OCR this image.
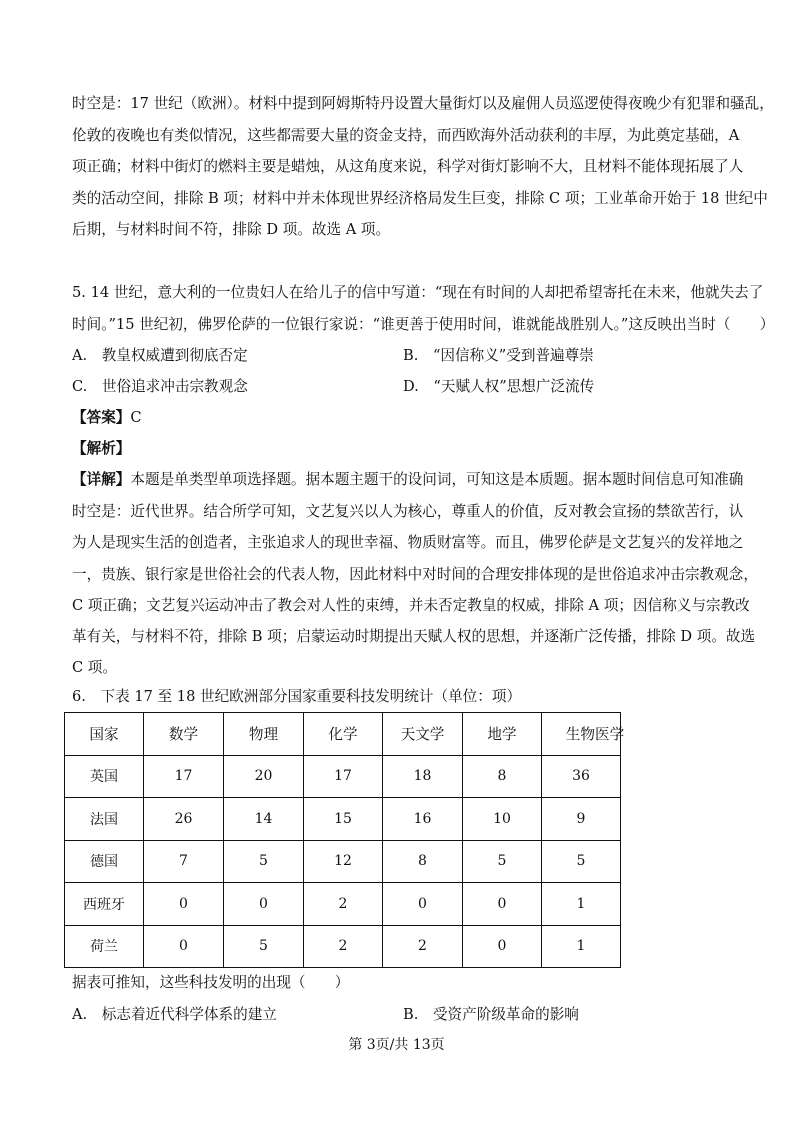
时空是：17 世纪（欧洲）。材料中提到阿姆斯特丹设置大量街灯以及雇佣人员巡逻使得夜晚少有犯罪和骚乱，
伦敦的夜晚也有类似情况，这些都需要大量的资金支持，而西欧海外活动获利的丰厚，为此奠定基础，A
项正确；材料中街灯的燃料主要是蜡烛，从这角度来说，科学对街灯影响不大，且材料不能体现拓展了人
类的活动空间，排除 B 项；材料中并未体现世界经济格局发生巨变，排除 C 项；工业革命开始于 18 世纪中
后期，与材料时间不符，排除 D 项。故选 A 项。
5. 14 世纪，意大利的一位贵妇人在给儿子的信中写道：“现在有时间的人却把希望寄托在未来，他就失去了
时间。”15 世纪初，佛罗伦萨的一位银行家说：“谁更善于使用时间，谁就能战胜别人。”这反映出当时（　　）
A.　教皇权威遭到彻底否定	B.　“因信称义”受到普遍尊崇
C.　世俗追求冲击宗教观念	D.　“天赋人权”思想广泛流传
【答案】C
【解析】
【详解】本题是单类型单项选择题。据本题主题干的设问词，可知这是本质题。据本题时间信息可知准确
时空是：近代世界。结合所学可知，文艺复兴以人为核心，尊重人的价值，反对教会宣扬的禁欲苦行，认
为人是现实生活的创造者，主张追求人的现世幸福、物质财富等。而且，佛罗伦萨是文艺复兴的发祥地之
一，贵族、银行家是世俗社会的代表人物，因此材料中对时间的合理安排体现的是世俗追求冲击宗教观念，
C 项正确；文艺复兴运动冲击了教会对人性的束缚，并未否定教皇的权威，排除 A 项；因信称义与宗教改
革有关，与材料不符，排除 B 项；启蒙运动时期提出天赋人权的思想，并逐渐广泛传播，排除 D 项。故选
C 项。
6.　下表 17 至 18 世纪欧洲部分国家重要科技发明统计（单位：项）
国家	数学	物理	化学	天文学	地学	生物医学
英国	17	20	17	18	8	36
法国	26	14	15	16	10	9
德国	7	5	12	8	5	5
西班牙	0	0	2	0	0	1
荷兰	0	5	2	2	0	1
据表可推知，这些科技发明的出现（　　）
A.　标志着近代科学体系的建立	B.　受资产阶级革命的影响
第 3页/共 13页
